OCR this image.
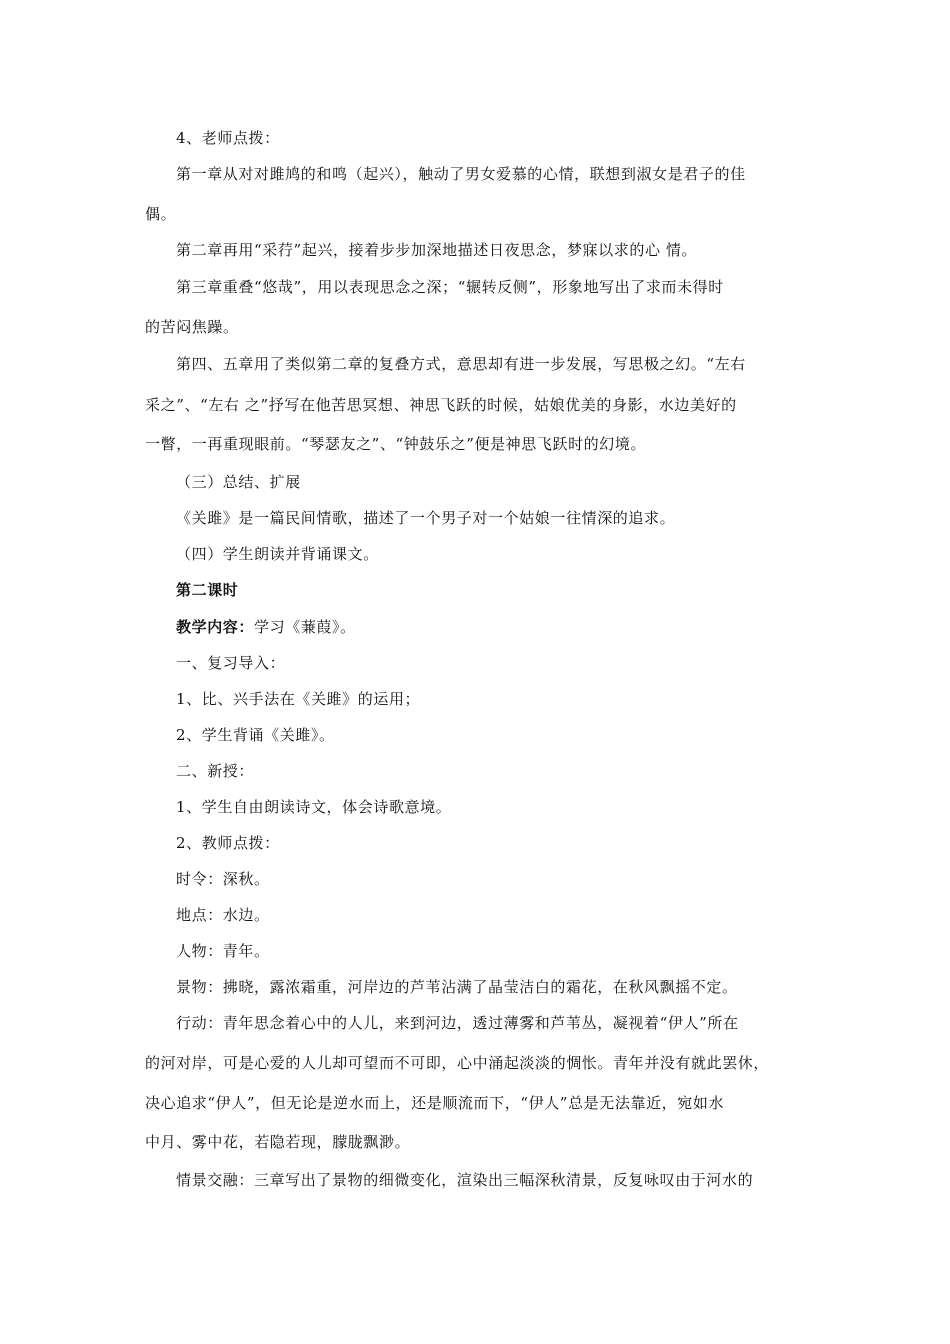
4、老师点拨：
第一章从对对雎鸠的和鸣（起兴），触动了男女爱慕的心情，联想到淑女是君子的佳
偶。
第二章再用“采荇”起兴，接着步步加深地描述日夜思念，梦寐以求的心 情。
第三章重叠“悠哉”，用以表现思念之深；“辗转反侧”，形象地写出了求而未得时
的苦闷焦躁。
第四、五章用了类似第二章的复叠方式，意思却有进一步发展，写思极之幻。“左右
采之”、“左右 之”抒写在他苦思冥想、神思飞跃的时候，姑娘优美的身影，水边美好的
一瞥，一再重现眼前。“琴瑟友之”、“钟鼓乐之”便是神思飞跃时的幻境。
（三）总结、扩展
《关雎》是一篇民间情歌，描述了一个男子对一个姑娘一往情深的追求。
（四）学生朗读并背诵课文。
第二课时
教学内容：学习《蒹葭》。
一、复习导入：
1、比、兴手法在《关雎》的运用；
2、学生背诵《关雎》。
二、新授：
1、学生自由朗读诗文，体会诗歌意境。
2、教师点拨：
时令：深秋。
地点：水边。
人物：青年。
景物：拂晓，露浓霜重，河岸边的芦苇沾满了晶莹洁白的霜花，在秋风飘摇不定。
行动：青年思念着心中的人儿，来到河边，透过薄雾和芦苇丛，凝视着“伊人”所在
的河对岸，可是心爱的人儿却可望而不可即，心中涌起淡淡的惆怅。青年并没有就此罢休，
决心追求“伊人”，但无论是逆水而上，还是顺流而下，“伊人”总是无法靠近，宛如水
中月、雾中花，若隐若现，朦胧飘渺。
情景交融：三章写出了景物的细微变化，渲染出三幅深秋清景，反复咏叹由于河水的
